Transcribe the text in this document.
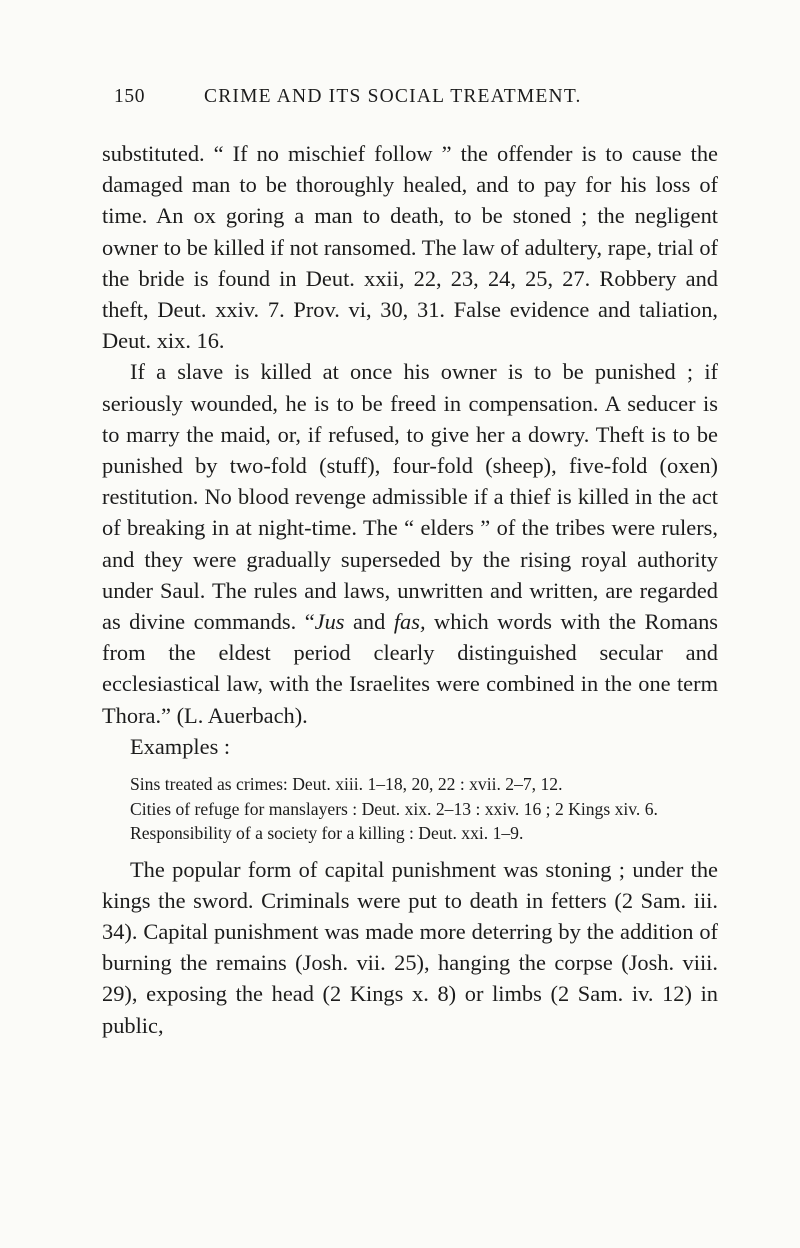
150	CRIME AND ITS SOCIAL TREATMENT.

substituted. “ If no mischief follow ” the offender is to cause the damaged man to be thoroughly healed, and to pay for his loss of time. An ox goring a man to death, to be stoned ; the negligent owner to be killed if not ransomed. The law of adultery, rape, trial of the bride is found in Deut. xxii, 22, 23, 24, 25, 27. Robbery and theft, Deut. xxiv. 7. Prov. vi, 30, 31. False evidence and taliation, Deut. xix. 16.

If a slave is killed at once his owner is to be punished ; if seriously wounded, he is to be freed in compensation. A seducer is to marry the maid, or, if refused, to give her a dowry. Theft is to be punished by two-fold (stuff), four-fold (sheep), five-fold (oxen) restitution. No blood revenge admissible if a thief is killed in the act of breaking in at night-time. The “ elders ” of the tribes were rulers, and they were gradually superseded by the rising royal authority under Saul. The rules and laws, unwritten and written, are regarded as divine commands. “Jus and fas, which words with the Romans from the eldest period clearly distinguished secular and ecclesiastical law, with the Israelites were combined in the one term Thora.” (L. Auerbach).

Examples :

Sins treated as crimes: Deut. xiii. 1–18, 20, 22 : xvii. 2–7, 12.
Cities of refuge for manslayers : Deut. xix. 2–13 : xxiv. 16 ; 2 Kings xiv. 6.
Responsibility of a society for a killing : Deut. xxi. 1–9.

The popular form of capital punishment was stoning ; under the kings the sword. Criminals were put to death in fetters (2 Sam. iii. 34). Capital punishment was made more deterring by the addition of burning the remains (Josh. vii. 25), hanging the corpse (Josh. viii. 29), exposing the head (2 Kings x. 8) or limbs (2 Sam. iv. 12) in public,
